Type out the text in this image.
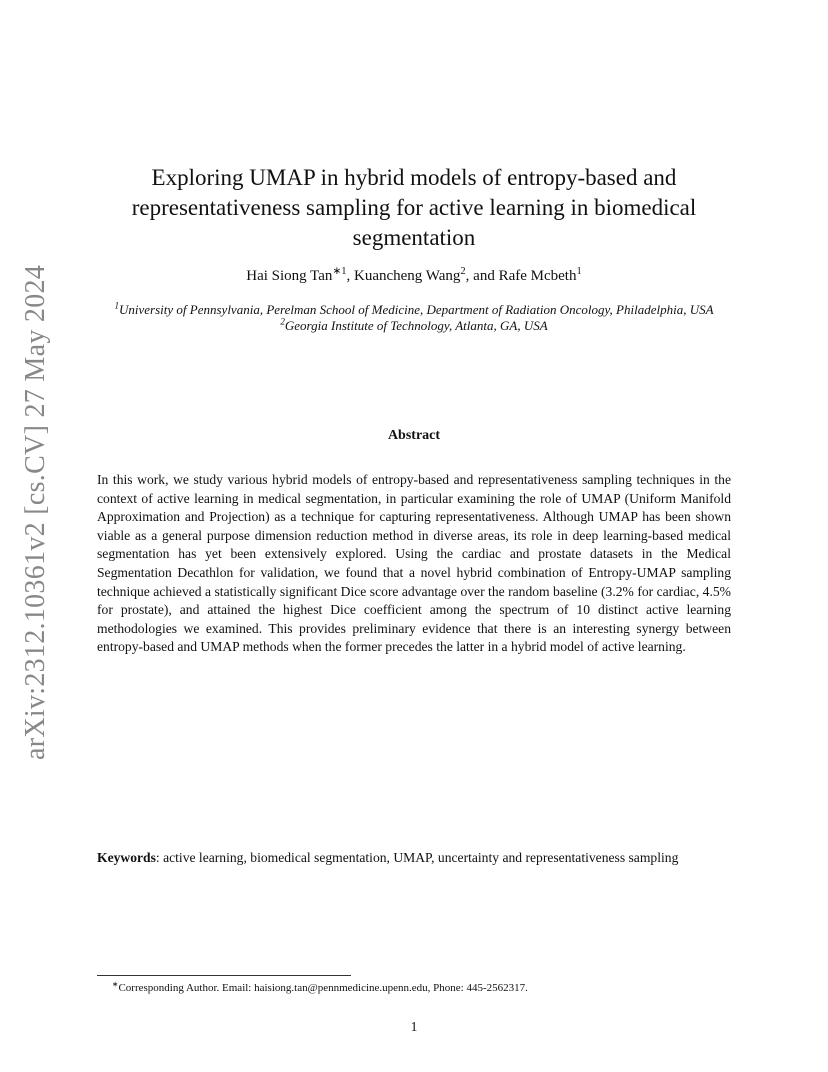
arXiv:2312.10361v2 [cs.CV] 27 May 2024
Exploring UMAP in hybrid models of entropy-based and representativeness sampling for active learning in biomedical segmentation
Hai Siong Tan$^{∗1}$, Kuancheng Wang$^2$, and Rafe Mcbeth$^1$
$^1$University of Pennsylvania, Perelman School of Medicine, Department of Radiation Oncology, Philadelphia, USA
$^2$Georgia Institute of Technology, Atlanta, GA, USA
Abstract

In this work, we study various hybrid models of entropy-based and representativeness sampling techniques in the context of active learning in medical segmentation, in particular examining the role of UMAP (Uniform Manifold Approximation and Projection) as a technique for capturing representativeness. Although UMAP has been shown viable as a general purpose dimension reduction method in diverse areas, its role in deep learning-based medical segmentation has yet been extensively explored. Using the cardiac and prostate datasets in the Medical Segmentation Decathlon for validation, we found that a novel hybrid combination of Entropy-UMAP sampling technique achieved a statistically significant Dice score advantage over the random baseline (3.2% for cardiac, 4.5% for prostate), and attained the highest Dice coefficient among the spectrum of 10 distinct active learning methodologies we examined. This provides preliminary evidence that there is an interesting synergy between entropy-based and UMAP methods when the former precedes the latter in a hybrid model of active learning.

Keywords: active learning, biomedical segmentation, UMAP, uncertainty and representativeness sampling
∗Corresponding Author. Email: haisiong.tan@pennmedicine.upenn.edu, Phone: 445-2562317.
1
